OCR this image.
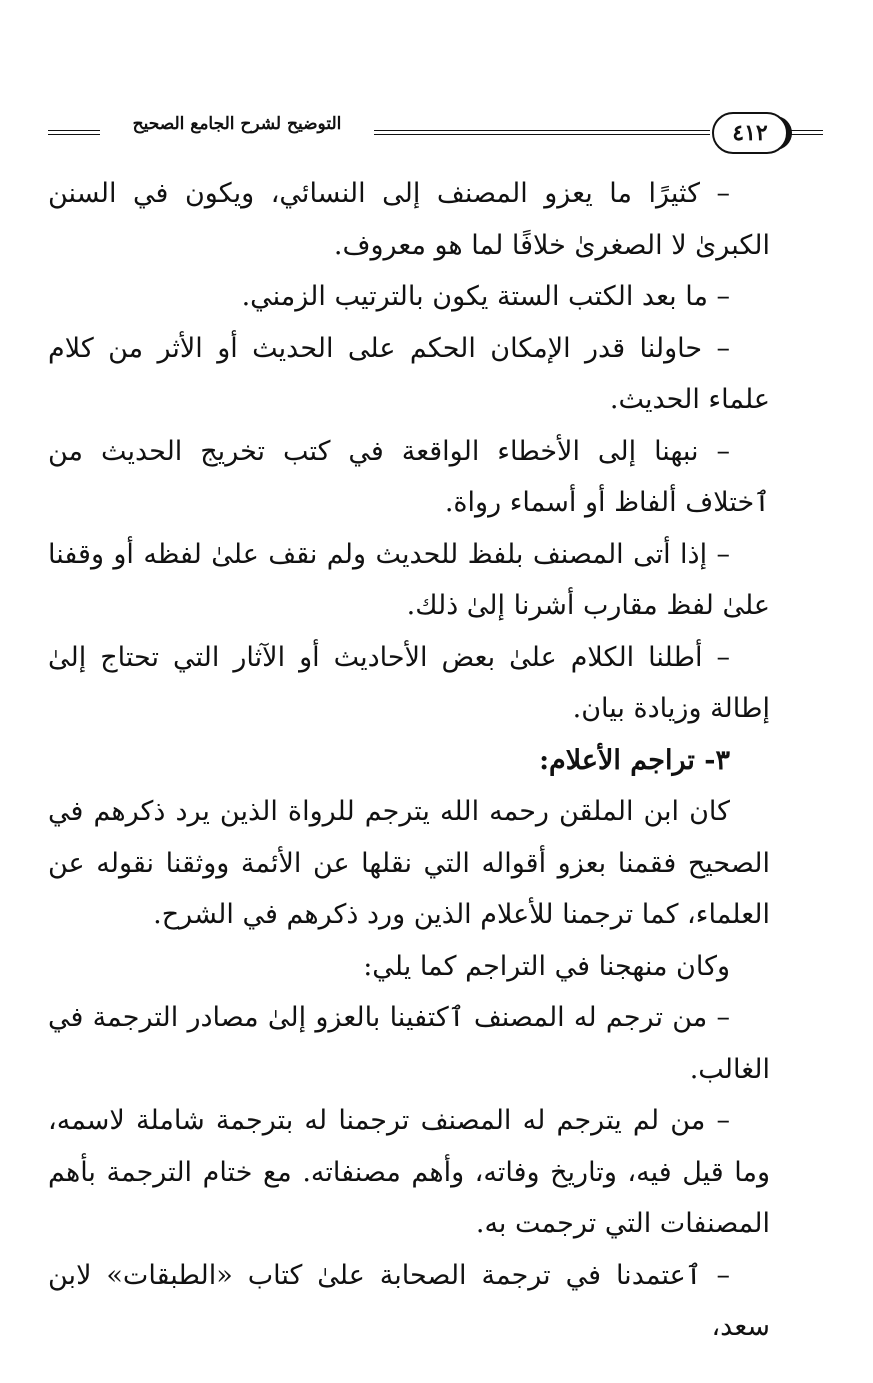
التوضيح لشرح الجامع الصحيح	٤١٢

– كثيرًا ما يعزو المصنف إلى النسائي، ويكون في السنن الكبرىٰ لا الصغرىٰ خلافًا لما هو معروف.

– ما بعد الكتب الستة يكون بالترتيب الزمني.

– حاولنا قدر الإمكان الحكم على الحديث أو الأثر من كلام علماء الحديث.

– نبهنا إلى الأخطاء الواقعة في كتب تخريج الحديث من ٱختلاف ألفاظ أو أسماء رواة.

– إذا أتى المصنف بلفظ للحديث ولم نقف علىٰ لفظه أو وقفنا علىٰ لفظ مقارب أشرنا إلىٰ ذلك.

– أطلنا الكلام علىٰ بعض الأحاديث أو الآثار التي تحتاج إلىٰ إطالة وزيادة بيان.

٣- تراجم الأعلام:

كان ابن الملقن رحمه الله يترجم للرواة الذين يرد ذكرهم في الصحيح فقمنا بعزو أقواله التي نقلها عن الأئمة ووثقنا نقوله عن العلماء، كما ترجمنا للأعلام الذين ورد ذكرهم في الشرح.

وكان منهجنا في التراجم كما يلي:

– من ترجم له المصنف ٱكتفينا بالعزو إلىٰ مصادر الترجمة في الغالب.

– من لم يترجم له المصنف ترجمنا له بترجمة شاملة لاسمه، وما قيل فيه، وتاريخ وفاته، وأهم مصنفاته. مع ختام الترجمة بأهم المصنفات التي ترجمت به.

– ٱعتمدنا في ترجمة الصحابة علىٰ كتاب «الطبقات» لابن سعد،
